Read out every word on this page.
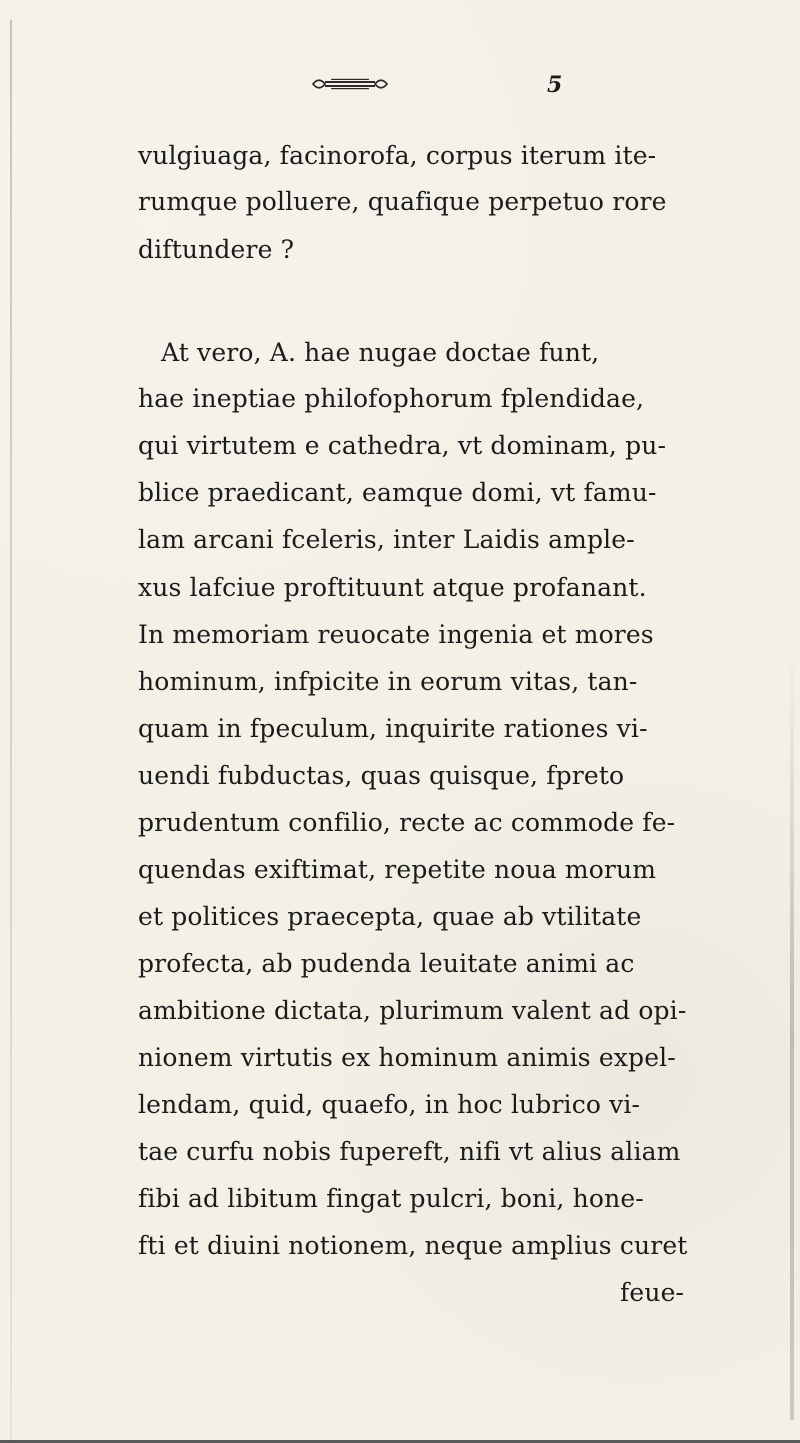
5
vulgiuaga, facinorofa, corpus iterum ite-
rumque polluere, quafique perpetuo rore
diftundere ?
At vero, A. hae nugae doctae funt,
hae ineptiae philofophorum fplendidae,
qui virtutem e cathedra, vt dominam, pu-
blice praedicant, eamque domi, vt famu-
lam arcani fceleris, inter Laidis ample-
xus lafciue proftituunt atque profanant.
In memoriam reuocate ingenia et mores
hominum, infpicite in eorum vitas, tan-
quam in fpeculum, inquirite rationes vi-
uendi fubductas, quas quisque, fpreto
prudentum confilio, recte ac commode fe-
quendas exiftimat, repetite noua morum
et politices praecepta, quae ab vtilitate
profecta, ab pudenda leuitate animi ac
ambitione dictata, plurimum valent ad opi-
nionem virtutis ex hominum animis expel-
lendam, quid, quaefo, in hoc lubrico vi-
tae curfu nobis fupereft, nifi vt alius aliam
fibi ad libitum fingat pulcri, boni, hone-
fti et diuini notionem, neque amplius curet
feue-
